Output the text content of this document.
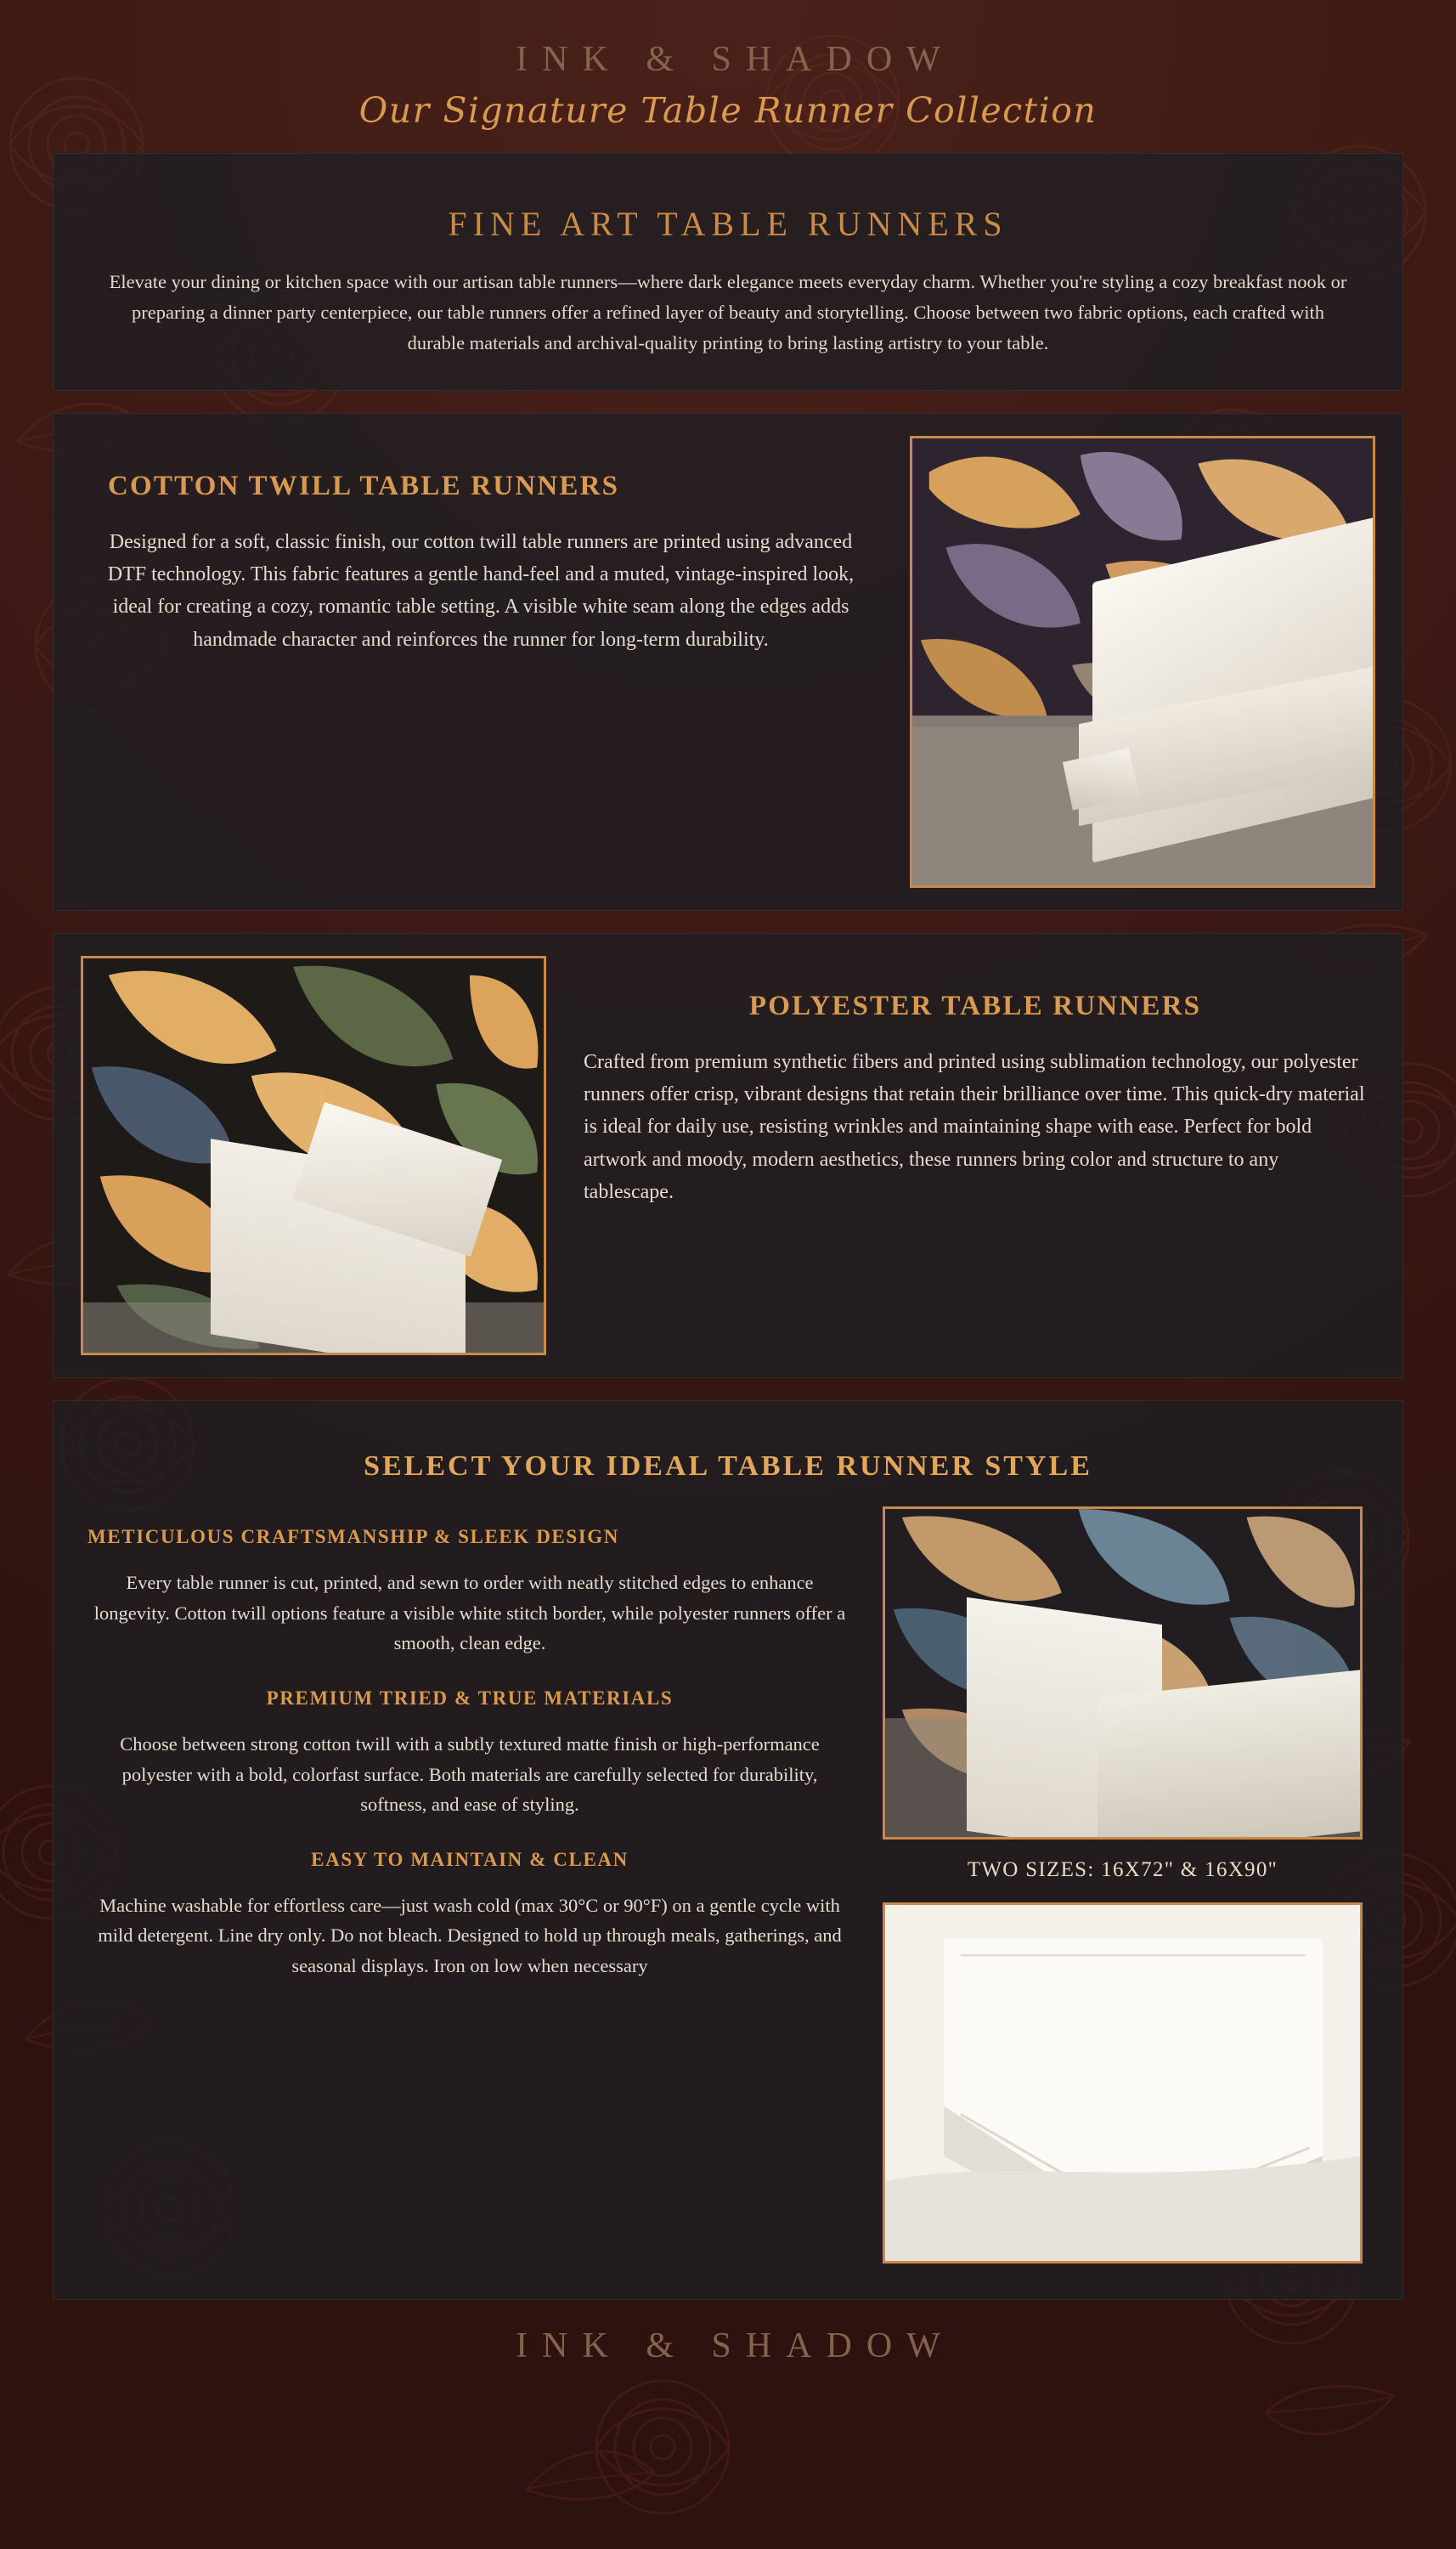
INK & SHADOW
Our Signature Table Runner Collection
FINE ART TABLE RUNNERS

Elevate your dining or kitchen space with our artisan table runners—where dark elegance meets everyday charm. Whether you're styling a cozy breakfast nook or preparing a dinner party centerpiece, our table runners offer a refined layer of beauty and storytelling. Choose between two fabric options, each crafted with durable materials and archival-quality printing to bring lasting artistry to your table.

COTTON TWILL TABLE RUNNERS

Designed for a soft, classic finish, our cotton twill table runners are printed using advanced DTF technology. This fabric features a gentle hand-feel and a muted, vintage-inspired look, ideal for creating a cozy, romantic table setting. A visible white seam along the edges adds handmade character and reinforces the runner for long-term durability.

POLYESTER TABLE RUNNERS

Crafted from premium synthetic fibers and printed using sublimation technology, our polyester runners offer crisp, vibrant designs that retain their brilliance over time. This quick-dry material is ideal for daily use, resisting wrinkles and maintaining shape with ease. Perfect for bold artwork and moody, modern aesthetics, these runners bring color and structure to any tablescape.

SELECT YOUR IDEAL TABLE RUNNER STYLE
METICULOUS CRAFTSMANSHIP & SLEEK DESIGN

Every table runner is cut, printed, and sewn to order with neatly stitched edges to enhance longevity. Cotton twill options feature a visible white stitch border, while polyester runners offer a smooth, clean edge.

PREMIUM TRIED & TRUE MATERIALS

Choose between strong cotton twill with a subtly textured matte finish or high-performance polyester with a bold, colorfast surface. Both materials are carefully selected for durability, softness, and ease of styling.

EASY TO MAINTAIN & CLEAN

Machine washable for effortless care—just wash cold (max 30°C or 90°F) on a gentle cycle with mild detergent. Line dry only. Do not bleach. Designed to hold up through meals, gatherings, and seasonal displays. Iron on low when necessary

TWO SIZES: 16X72" & 16X90"
INK & SHADOW
